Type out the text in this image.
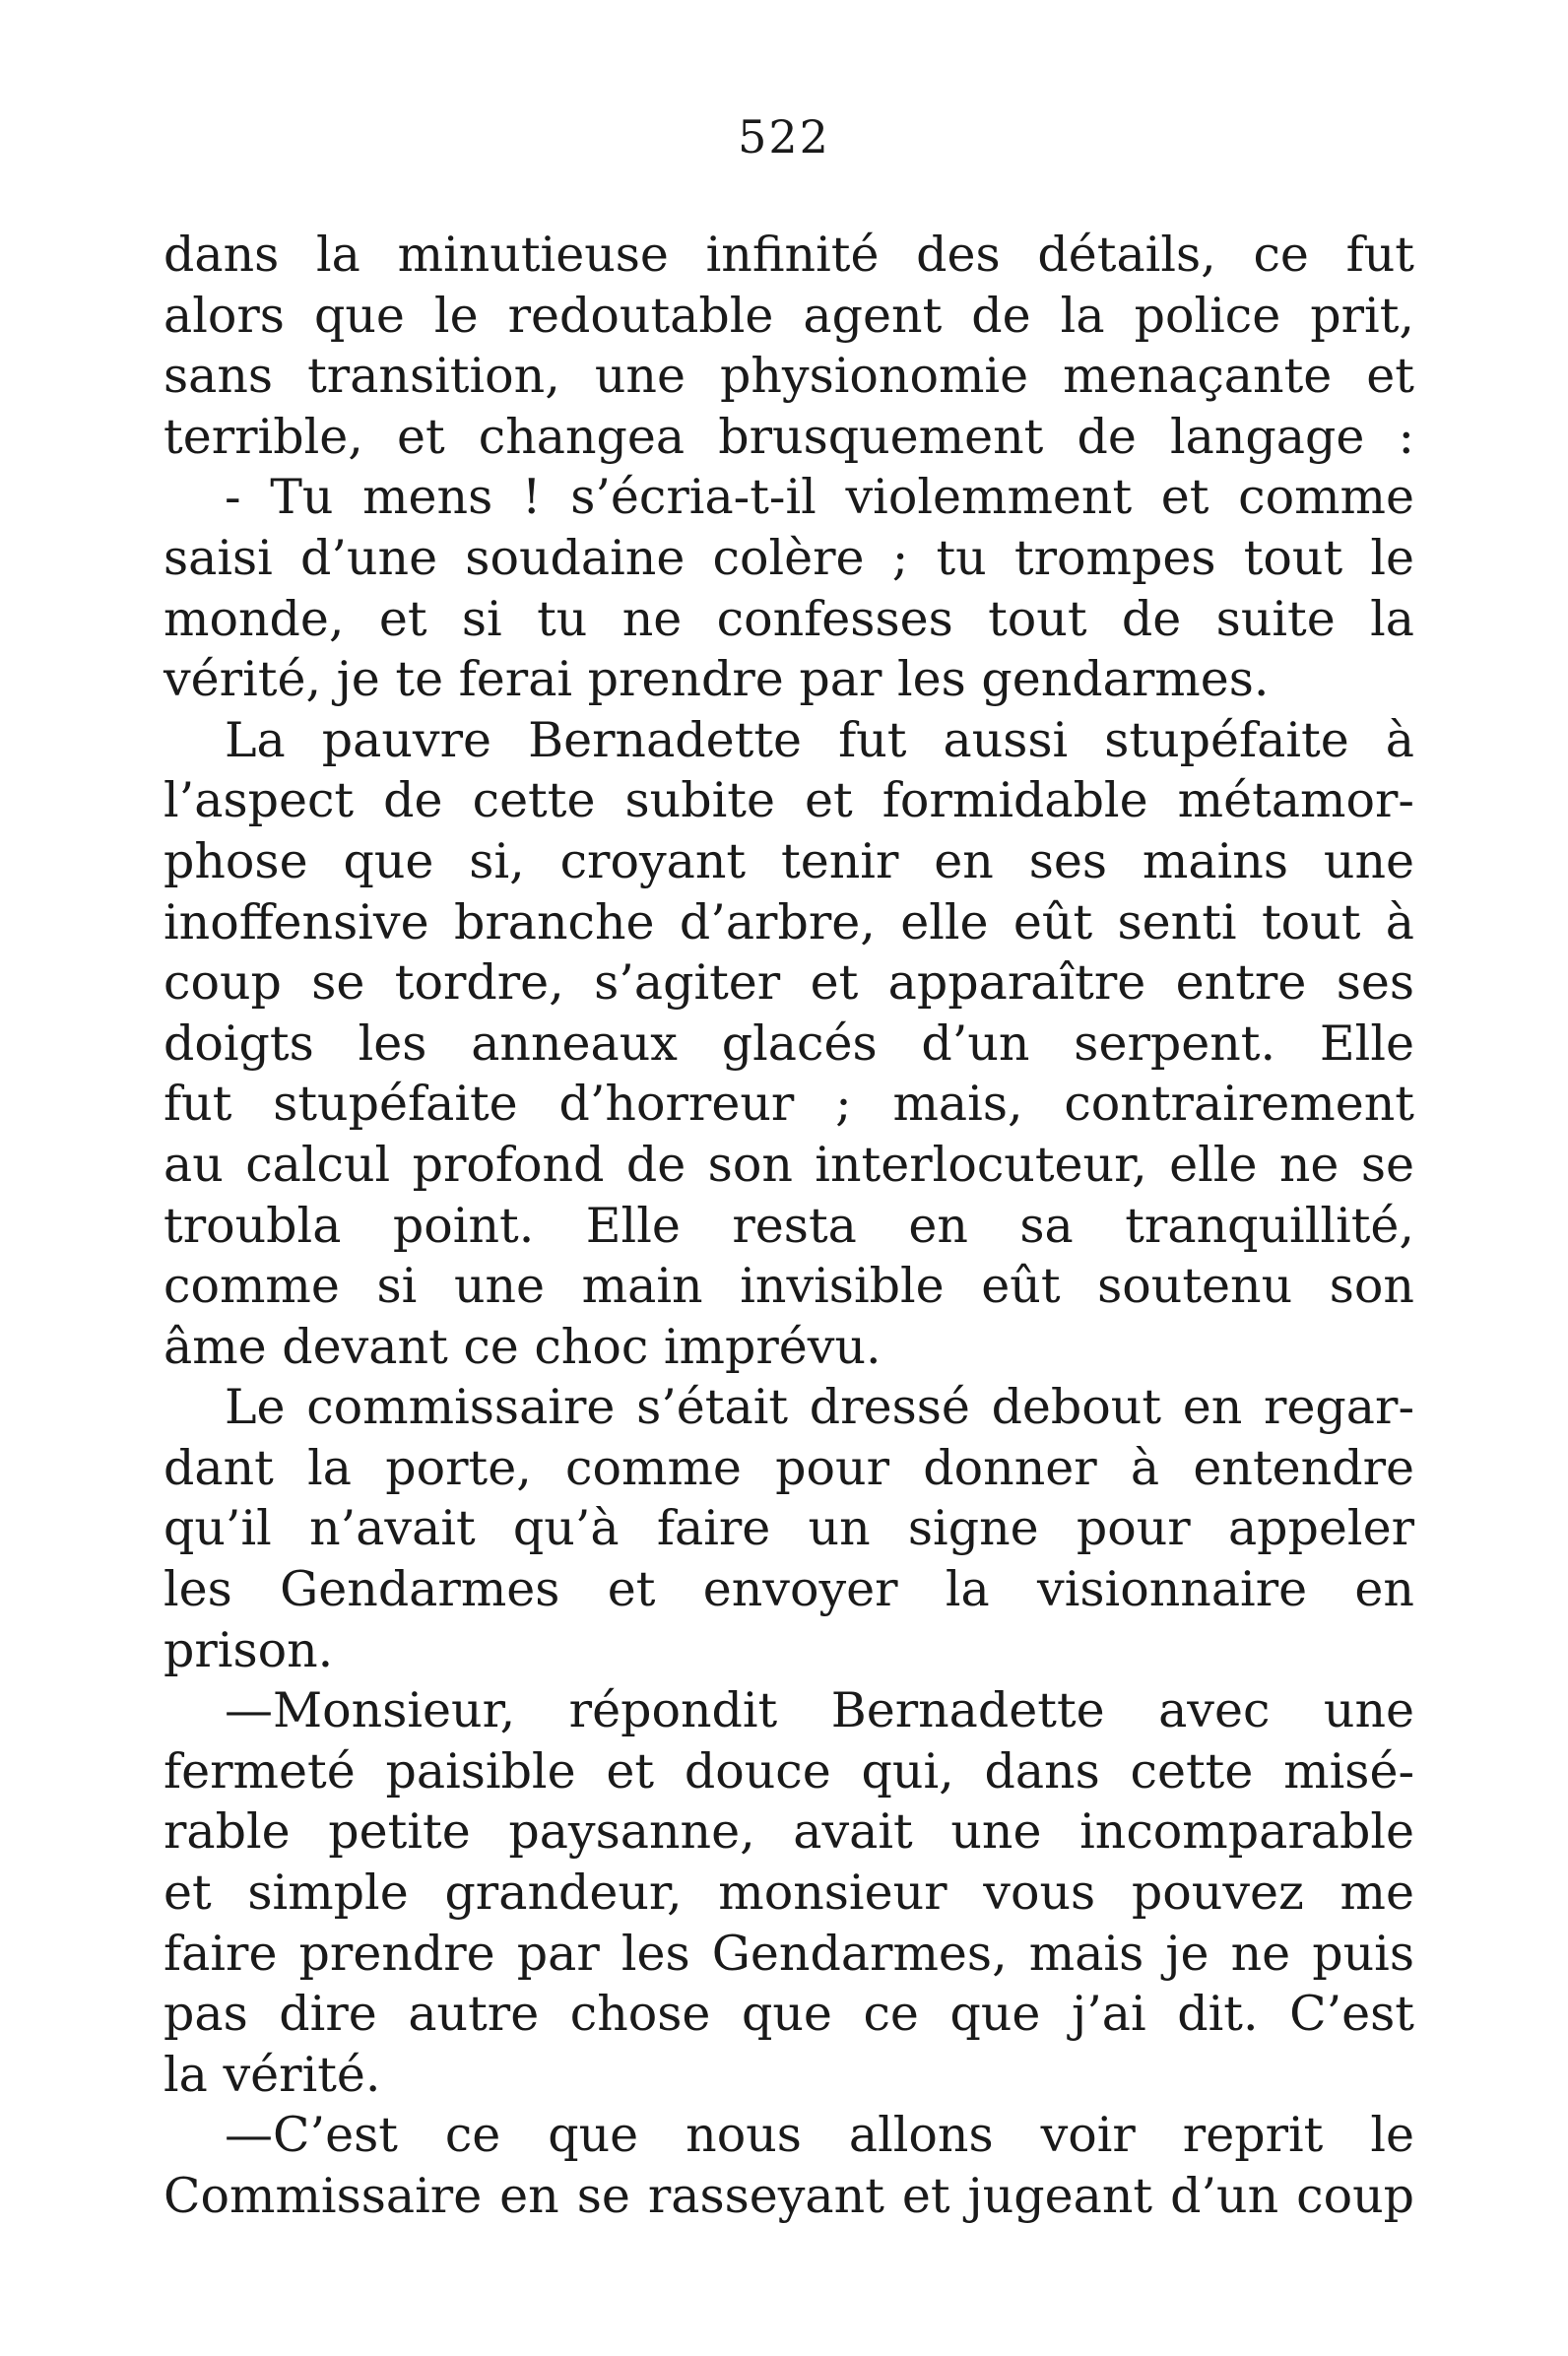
522
dans la minutieuse infinité des détails, ce fut
alors que le redoutable agent de la police prit,
sans transition, une physionomie menaçante et
terrible, et changea brusquement de langage :
- Tu mens ! s’écria-t-il violemment et comme
saisi d’une soudaine colère ; tu trompes tout le
monde, et si tu ne confesses tout de suite la
vérité, je te ferai prendre par les gendarmes.
La pauvre Bernadette fut aussi stupéfaite à
l’aspect de cette subite et formidable métamor-
phose que si, croyant tenir en ses mains une
inoffensive branche d’arbre, elle eût senti tout à
coup se tordre, s’agiter et apparaître entre ses
doigts les anneaux glacés d’un serpent. Elle
fut stupéfaite d’horreur ; mais, contrairement
au calcul profond de son interlocuteur, elle ne se
troubla point. Elle resta en sa tranquillité,
comme si une main invisible eût soutenu son
âme devant ce choc imprévu.
Le commissaire s’était dressé debout en regar-
dant la porte, comme pour donner à entendre
qu’il n’avait qu’à faire un signe pour appeler
les Gendarmes et envoyer la visionnaire en
prison.
—Monsieur, répondit Bernadette avec une
fermeté paisible et douce qui, dans cette misé-
rable petite paysanne, avait une incomparable
et simple grandeur, monsieur vous pouvez me
faire prendre par les Gendarmes, mais je ne puis
pas dire autre chose que ce que j’ai dit. C’est
la vérité.
—C’est ce que nous allons voir reprit le
Commissaire en se rasseyant et jugeant d’un coup
